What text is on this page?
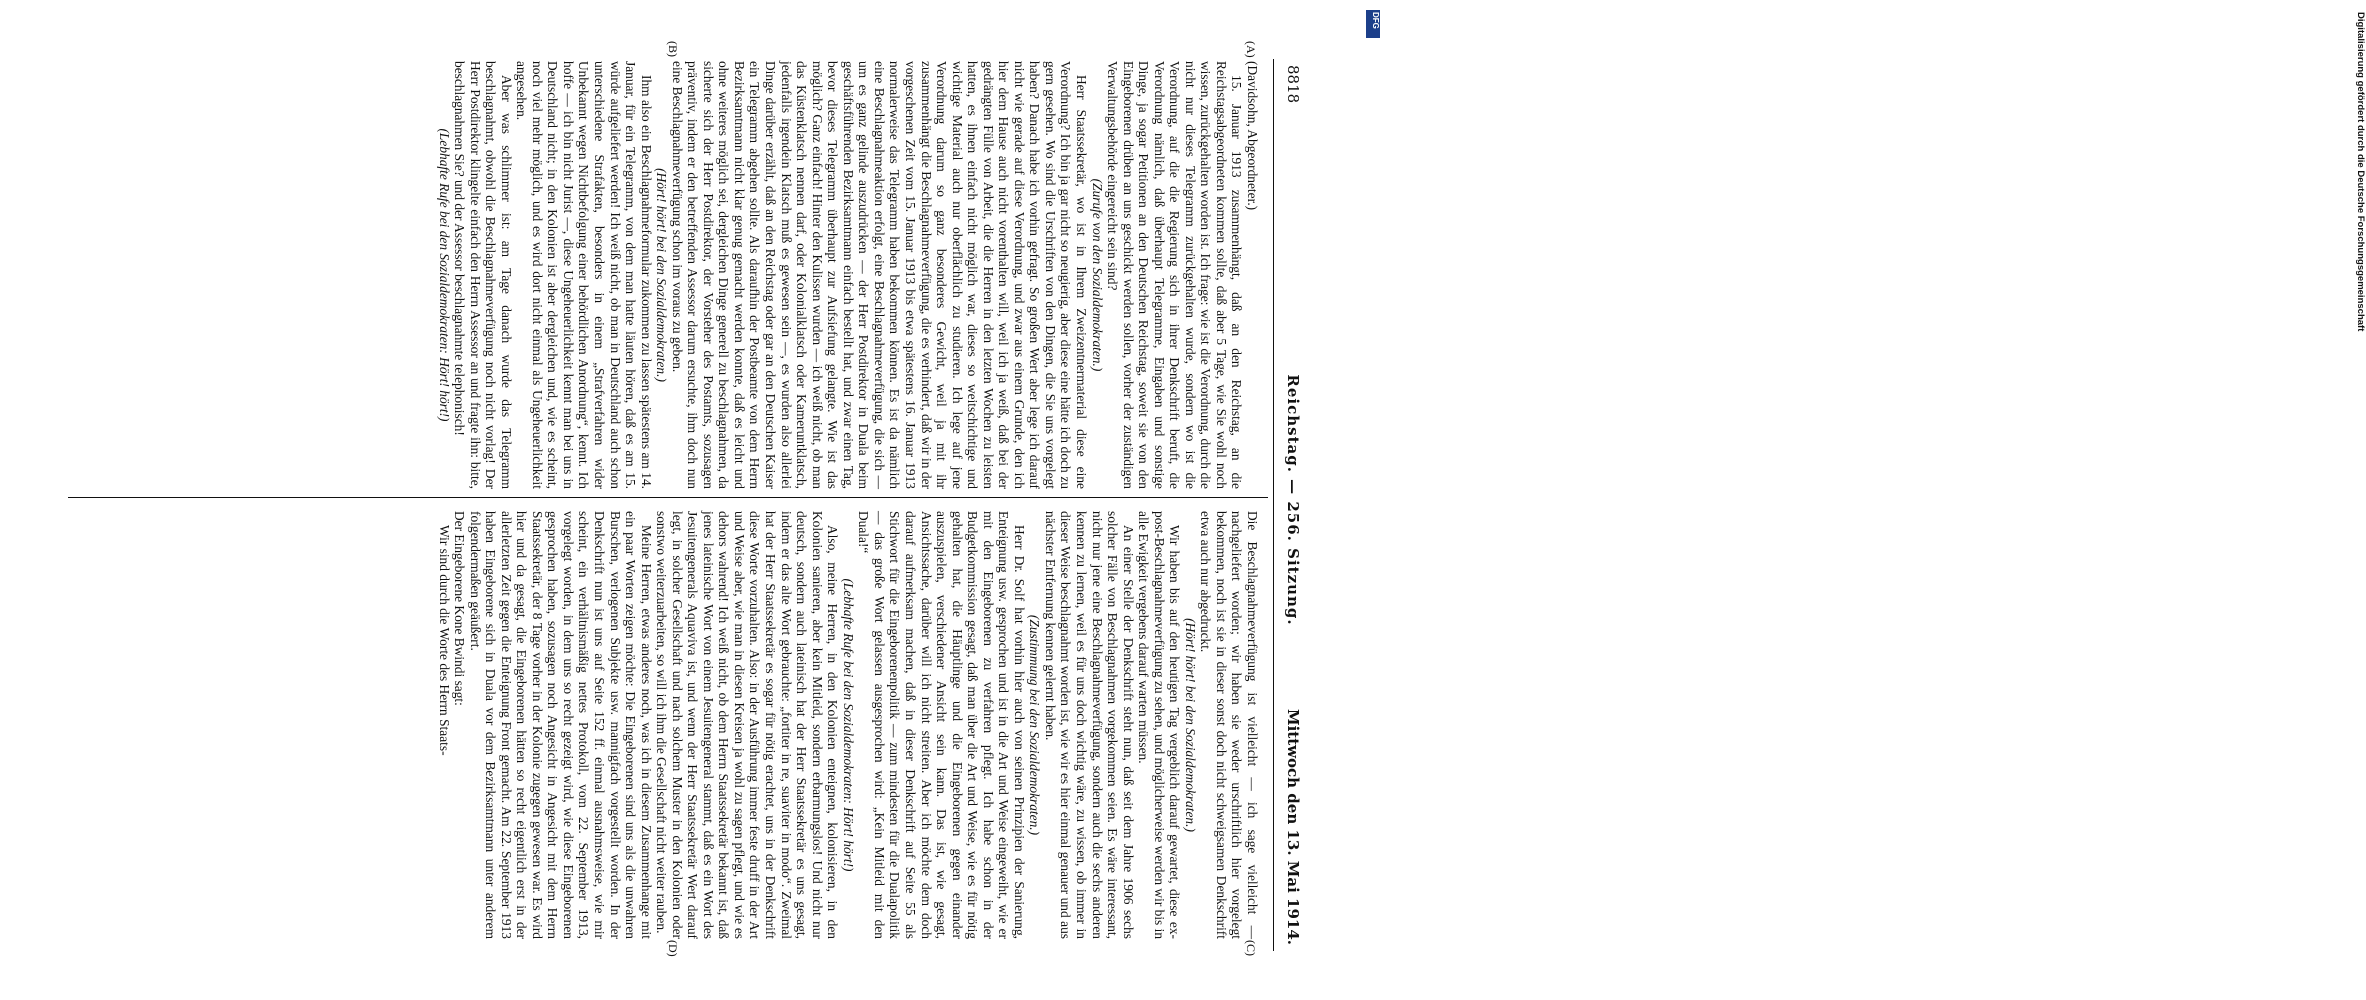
8818
Reichstag. — 256. Sitzung.
Mittwoch den 13. Mai 1914.
(A)
(B)
(C)
(D)

(Davidsohn, Abgeordneter.)

15. Januar 1913 zusammenhängt, daß an den Reichstag, an die Reichstagsabgeordneten kommen sollte, daß aber 5 Tage, wie Sie wohl noch wissen, zurückgehalten worden ist. Ich frage: wie ist die Verordnung, durch die nicht nur dieses Telegramm zurückgehalten wurde, sondern wo ist die Verordnung, auf die die Regierung sich in ihrer Denkschrift beruft, die Verordnung nämlich, daß überhaupt Telegramme, Eingaben und sonstige Dinge, ja sogar Petitionen an den Deutschen Reichstag, soweit sie von den Eingeborenen drüben an uns geschickt werden sollen, vorher der zuständigen Verwaltungsbehörde eingereicht sein sind?

(Zurufe von den Sozialdemokraten.)

Herr Staatssekretär, wo ist in Ihrem Zweizentnermaterial diese eine Verordnung? Ich bin ja gar nicht so neugierig, aber diese eine hätte ich doch zu gern gesehen. Wo sind die Urschriften von den Dingen, die Sie uns vorgelegt haben? Danach habe ich vorhin gefragt. So großen Wert aber lege ich darauf nicht wie gerade auf diese Verordnung, und zwar aus einem Grunde, den ich hier dem Hause auch nicht vorenthalten will, weil ich ja weiß, daß bei der gedrängten Fülle von Arbeit, die die Herren in den letzten Wochen zu leisten hatten, es ihnen einfach nicht möglich war, dieses so weitschichtige und wichtige Material auch nur oberflächlich zu studieren. Ich lege auf jene Verordnung darum so ganz besonderes Gewicht, weil ja mit ihr zusammenhängt die Beschlagnahmeverfügung, die es verhindert, daß wir in der vorgeschenen Zeit vom 15. Januar 1913 bis etwa spätestens 16. Januar 1913 normalerweise das Telegramm haben bekommen können. Es ist da nämlich eine Beschlagnahmeaktion erfolgt, eine Beschlagnahmeverfügung, die sich — um es ganz gelinde auszudrücken — der Herr Postdirektor in Duala beim geschäftsführenden Bezirksamtmann einfach bestellt hat, und zwar einen Tag, bevor dieses Telegramm überhaupt zur Aufsiefung gelangte. Wie ist das möglich? Ganz einfach! Hinter den Kulissen wurden — ich weiß nicht, ob man das Küstenklatsch nennen darf, oder Kolonialklatsch oder Kameruntklatsch, jedenfalls irgendein Klatsch muß es gewesen sein —, es wurden also allerlei Dinge darüber erzählt, daß an den Reichstag oder gar an den Deutschen Kaiser ein Telegramm abgehen sollte. Als daraufhin der Postbeamte von dem Herrn Bezirksamtmann nicht klar genug gemacht werden konnte, daß es leicht und ohne weiteres möglich sei, dergleichen Dinge generell zu beschlagnahmen, da sicherte sich der Herr Postdirektor, der Vorsteher des Postamts, sozusagen präventiv, indem er den betreffenden Assessor darum ersuchte, ihm doch nun eine Beschlagnahmeverfügung schon im voraus zu geben.

(Hört! hört! bei den Sozialdemokraten.)

Ihm also ein Beschlagnahmeformular zukommen zu lassen spätestens am 14. Januar, für ein Telegramm, von dem man hatte läuten hören, daß es am 15. würde aufgeliefert werden! Ich weiß nicht, ob man in Deutschland auch schon unterschiedene Strafakten, besonders in einem „Strafverfahren wider Unbekannt wegen Nichtbefolgung einer behördlichen Anordnung“, kennt. Ich hoffe — ich bin nicht Jurist —, diese Ungeheuerlichkeit kennt man bei uns in Deutschland nicht; in den Kolonien ist aber dergleichen und, wie es scheint, noch viel mehr möglich, und es wird dort nicht einmal als Ungeheuerlichkeit angesehen.

Aber was schlimmer ist: am Tage danach wurde das Telegramm beschlagnahmt, obwohl die Beschlagnahmeverfügung noch nicht vorlag! Der Herr Postdirektor klingelte einfach den Herrn Assessor an und fragte ihn: bitte, beschlagnahmen Sie? und der Assessor beschlagnahmte telephonisch!

(Lebhafte Rufe bei den Sozialdemokraten: Hört! hört!)

Die Beschlagnahmeverfügung ist vielleicht — ich sage vielleicht — nachgeliefert worden; wir haben sie weder urschriftlich hier vorgelegt bekommen, noch ist sie in dieser sonst doch nicht schweigsamen Denkschrift etwa auch nur abgedruckt.

(Hört! hört! bei den Sozialdemokraten.)

Wir haben bis auf den heutigen Tag vergeblich darauf gewartet, diese ex-post-Beschlagnahmeverfügung zu sehen, und möglicherweise werden wir bis in alle Ewigkeit vergebens darauf warten müssen.

An einer Stelle der Denkschrift steht nun, daß seit dem Jahre 1906 sechs solcher Fälle von Beschlagnahmen vorgekommen seien. Es wäre interessant, nicht nur jene eine Beschlagnahmeverfügung, sondern auch die sechs anderen kennen zu lernen, weil es für uns doch wichtig wäre, zu wissen, ob immer in dieser Weise beschlagnahmt worden ist, wie wir es hier einmal genauer und aus nächster Entfernung kennen gelernt haben.

(Zustimmung bei den Sozialdemokraten.)

Herr Dr. Solf hat vorhin hier auch von seinen Prinzipien der Sanierung, Enteignung usw. gesprochen und ist in die Art und Weise eingeweiht, wie er mit den Eingeborenen zu verfahren pflegt. Ich habe schon in der Budgetkommission gesagt, daß man über die Art und Weise, wie es für nötig gehalten hat, die Häuptlinge und die Eingeborenen gegen einander auszuspielen, verschiedener Ansicht sein kann. Das ist, wie gesagt, Ansichtssache, darüber will ich nicht streiten. Aber ich möchte dem doch darauf aufmerksam machen, daß in dieser Denkschrift auf Seite 55 als Stichwort für die Eingeborenenpolitik — zum mindesten für die Dualapolitik — das große Wort gelassen ausgesprochen wird: „Kein Mitleid mit den Duala!“

(Lebhafte Rufe bei den Sozialdemokraten: Hört! hört!)

Also, meine Herren, in den Kolonien enteignen, kolonisieren, in den Kolonien sanieren, aber kein Mitleid, sondern erbarmungslos! Und nicht nur deutsch, sondern auch lateinisch hat der Herr Staatssekretär es uns gesagt, indem er das alte Wort gebrauchte: „fortiter in re, suaviter in modo“. Zweimal hat der Herr Staatssekretär es sogar für nötig erachtet, uns in der Denkschrift diese Worte vorzuhalten. Also: in der Ausführung immer feste druff in der Art und Weise aber, wie man in diesen Kreisen ja wohl zu sagen pflegt, und wie es dehors wahrend! Ich weiß nicht, ob dem Herrn Staatssekretär bekannt ist, daß jenes lateinische Wort von einem Jesuitengeneral stammt, daß es ein Wort des Jesuitengenerals Aquaviva ist, und wenn der Herr Staatssekretär Wert darauf legt, in solcher Gesellschaft und nach solchem Muster in den Kolonien oder sonstwo weiterzuarbeiten, so will ich ihm die Gesellschaft nicht weiter rauben.

Meine Herren, etwas anderes noch, was ich in diesem Zusammenhange mit ein paar Worten zeigen möchte: Die Eingeborenen sind uns als die unwahren Burschen, verlogenen Subjekte usw. mannigfach vorgestellt worden. In der Denkschrift nun ist uns auf Seite 152 ff. einmal ausnahmsweise, wie mir scheint, ein verhältnismäßig nettes Protokoll, vom 22. September 1913, vorgelegt worden, in dem uns so recht gezeigt wird, wie diese Eingeborenen gesprochen haben, sozusagen noch Angesicht in Angesicht mit dem Herrn Staatssekretär, der 8 Tage vorher in der Kolonie zugegen gewesen war. Es wird hier und da gesagt, die Eingeborenen hätten so recht eigentlich erst in der allerletzten Zeit gegen die Enteignung Front gemacht. Am 22. September 1913 haben Eingeborene sich in Duala vor dem Bezirksamtmann unter anderem folgendermaßen geäußert.

Der Eingeborene Kone Bwindi sagt:

Wir sind durch die Worte des Herrn Staats-

DFG	Digitalisierung gefördert durch die Deutsche Forschungsgemeinschaft
